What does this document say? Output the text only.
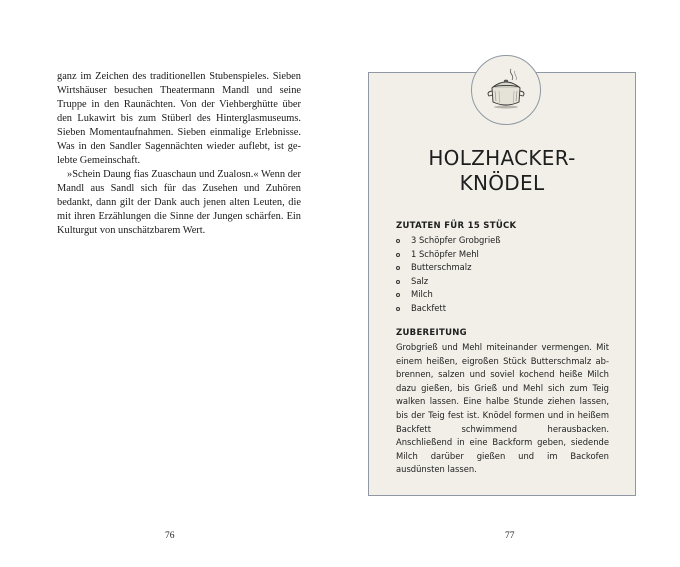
ganz im Zeichen des traditionellen Stubenspieles. Sieben Wirtshäuser besuchen Theatermann Mandl und seine Truppe in den Raunächten. Von der Viehberghütte über den Lukawirt bis zum Stüberl des Hinterglasmuseums. Sieben Momentaufnahmen. Sieben einmalige Erlebnisse. Was in den Sandler Sagennächten wieder auflebt, ist gelebte Gemeinschaft.

»Schein Daung fias Zuaschaun und Zualosn.« Wenn der Mandl aus Sandl sich für das Zusehen und Zuhören bedankt, dann gilt der Dank auch jenen alten Leuten, die mit ihren Erzählungen die Sinne der Jungen schärfen. Ein Kulturgut von unschätzbarem Wert.

76
HOLZHACKER-
KNÖDEL
ZUTATEN FÜR 15 STÜCK
3 Schöpfer Grobgrieß
1 Schöpfer Mehl
Butterschmalz
Salz
Milch
Backfett
ZUBEREITUNG

Grobgrieß und Mehl miteinander vermengen. Mit einem heißen, eigroßen Stück Butterschmalz abbrennen, salzen und soviel kochend heiße Milch dazu gießen, bis Grieß und Mehl sich zum Teig walken lassen. Eine halbe Stunde ziehen lassen, bis der Teig fest ist. Knödel formen und in heißem Backfett schwimmend herausbacken. Anschließend in eine Backform geben, siedende Milch darüber gießen und im Backofen ausdünsten lassen.

77
